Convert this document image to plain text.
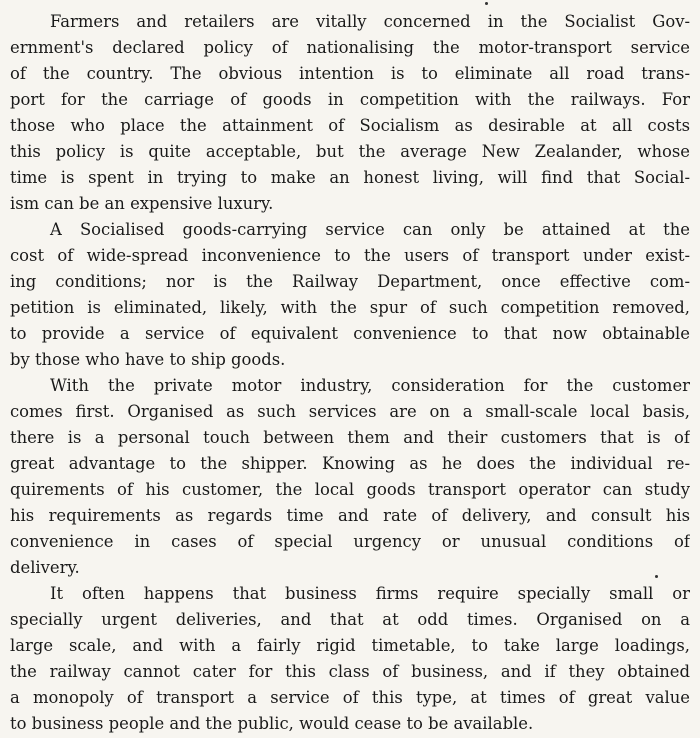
Farmers and retailers are vitally concerned in the Socialist Gov-
ernment's declared policy of nationalising the motor-transport service
of the country. The obvious intention is to eliminate all road trans-
port for the carriage of goods in competition with the railways. For
those who place the attainment of Socialism as desirable at all costs
this policy is quite acceptable, but the average New Zealander, whose
time is spent in trying to make an honest living, will find that Social-
ism can be an expensive luxury.
A Socialised goods-carrying service can only be attained at the
cost of wide-spread inconvenience to the users of transport under exist-
ing conditions; nor is the Railway Department, once effective com-
petition is eliminated, likely, with the spur of such competition removed,
to provide a service of equivalent convenience to that now obtainable
by those who have to ship goods.
With the private motor industry, consideration for the customer
comes first. Organised as such services are on a small-scale local basis,
there is a personal touch between them and their customers that is of
great advantage to the shipper. Knowing as he does the individual re-
quirements of his customer, the local goods transport operator can study
his requirements as regards time and rate of delivery, and consult his
convenience in cases of special urgency or unusual conditions of
delivery.
It often happens that business firms require specially small or
specially urgent deliveries, and that at odd times. Organised on a
large scale, and with a fairly rigid timetable, to take large loadings,
the railway cannot cater for this class of business, and if they obtained
a monopoly of transport a service of this type, at times of great value
to business people and the public, would cease to be available.
